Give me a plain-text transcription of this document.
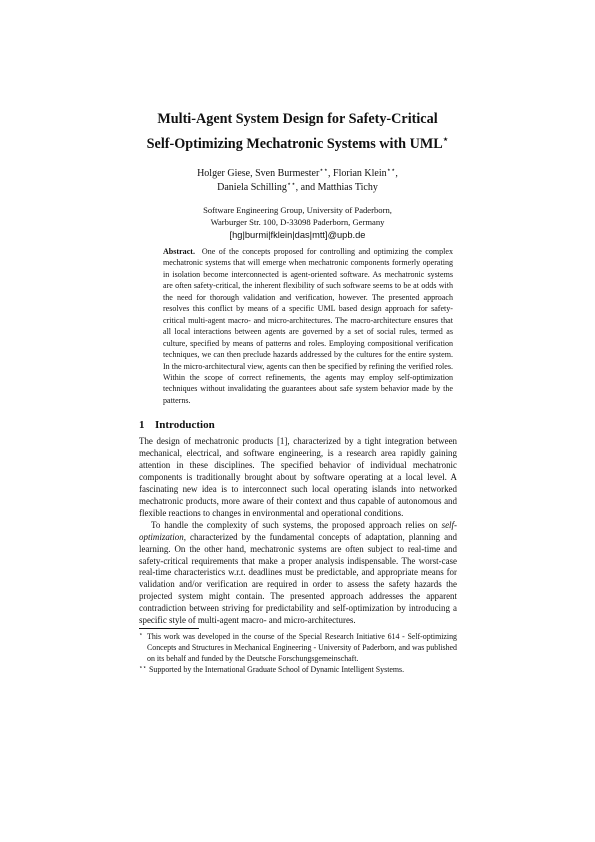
Multi-Agent System Design for Safety-Critical
Self-Optimizing Mechatronic Systems with UML⋆
Holger Giese, Sven Burmester⋆⋆, Florian Klein⋆⋆,
Daniela Schilling⋆⋆, and Matthias Tichy
Software Engineering Group, University of Paderborn,
Warburger Str. 100, D-33098 Paderborn, Germany
[hg|burmi|fklein|das|mtt]@upb.de
Abstract. One of the concepts proposed for controlling and optimizing the complex mechatronic systems that will emerge when mechatronic components formerly operating in isolation become interconnected is agent-oriented software. As mechatronic systems are often safety-critical, the inherent flexibility of such software seems to be at odds with the need for thorough validation and verification, however. The presented approach resolves this conflict by means of a specific UML based design approach for safety-critical multi-agent macro- and micro-architectures. The macro-architecture ensures that all local interactions between agents are governed by a set of social rules, termed as culture, specified by means of patterns and roles. Employing compositional verification techniques, we can then preclude hazards addressed by the cultures for the entire system. In the micro-architectural view, agents can then be specified by refining the verified roles. Within the scope of correct refinements, the agents may employ self-optimization techniques without invalidating the guarantees about safe system behavior made by the patterns.
1 Introduction

The design of mechatronic products [1], characterized by a tight integration between mechanical, electrical, and software engineering, is a research area rapidly gaining attention in these disciplines. The specified behavior of individual mechatronic components is traditionally brought about by software operating at a local level. A fascinating new idea is to interconnect such local operating islands into networked mechatronic products, more aware of their context and thus capable of autonomous and flexible reactions to changes in environmental and operational conditions.

To handle the complexity of such systems, the proposed approach relies on self-optimization, characterized by the fundamental concepts of adaptation, planning and learning. On the other hand, mechatronic systems are often subject to real-time and safety-critical requirements that make a proper analysis indispensable. The worst-case real-time characteristics w.r.t. deadlines must be predictable, and appropriate means for validation and/or verification are required in order to assess the safety hazards the projected system might contain. The presented approach addresses the apparent contradiction between striving for predictability and self-optimization by introducing a specific style of multi-agent macro- and micro-architectures.

⋆ This work was developed in the course of the Special Research Initiative 614 - Self-optimizing Concepts and Structures in Mechanical Engineering - University of Paderborn, and was published on its behalf and funded by the Deutsche Forschungsgemeinschaft.
⋆⋆ Supported by the International Graduate School of Dynamic Intelligent Systems.
